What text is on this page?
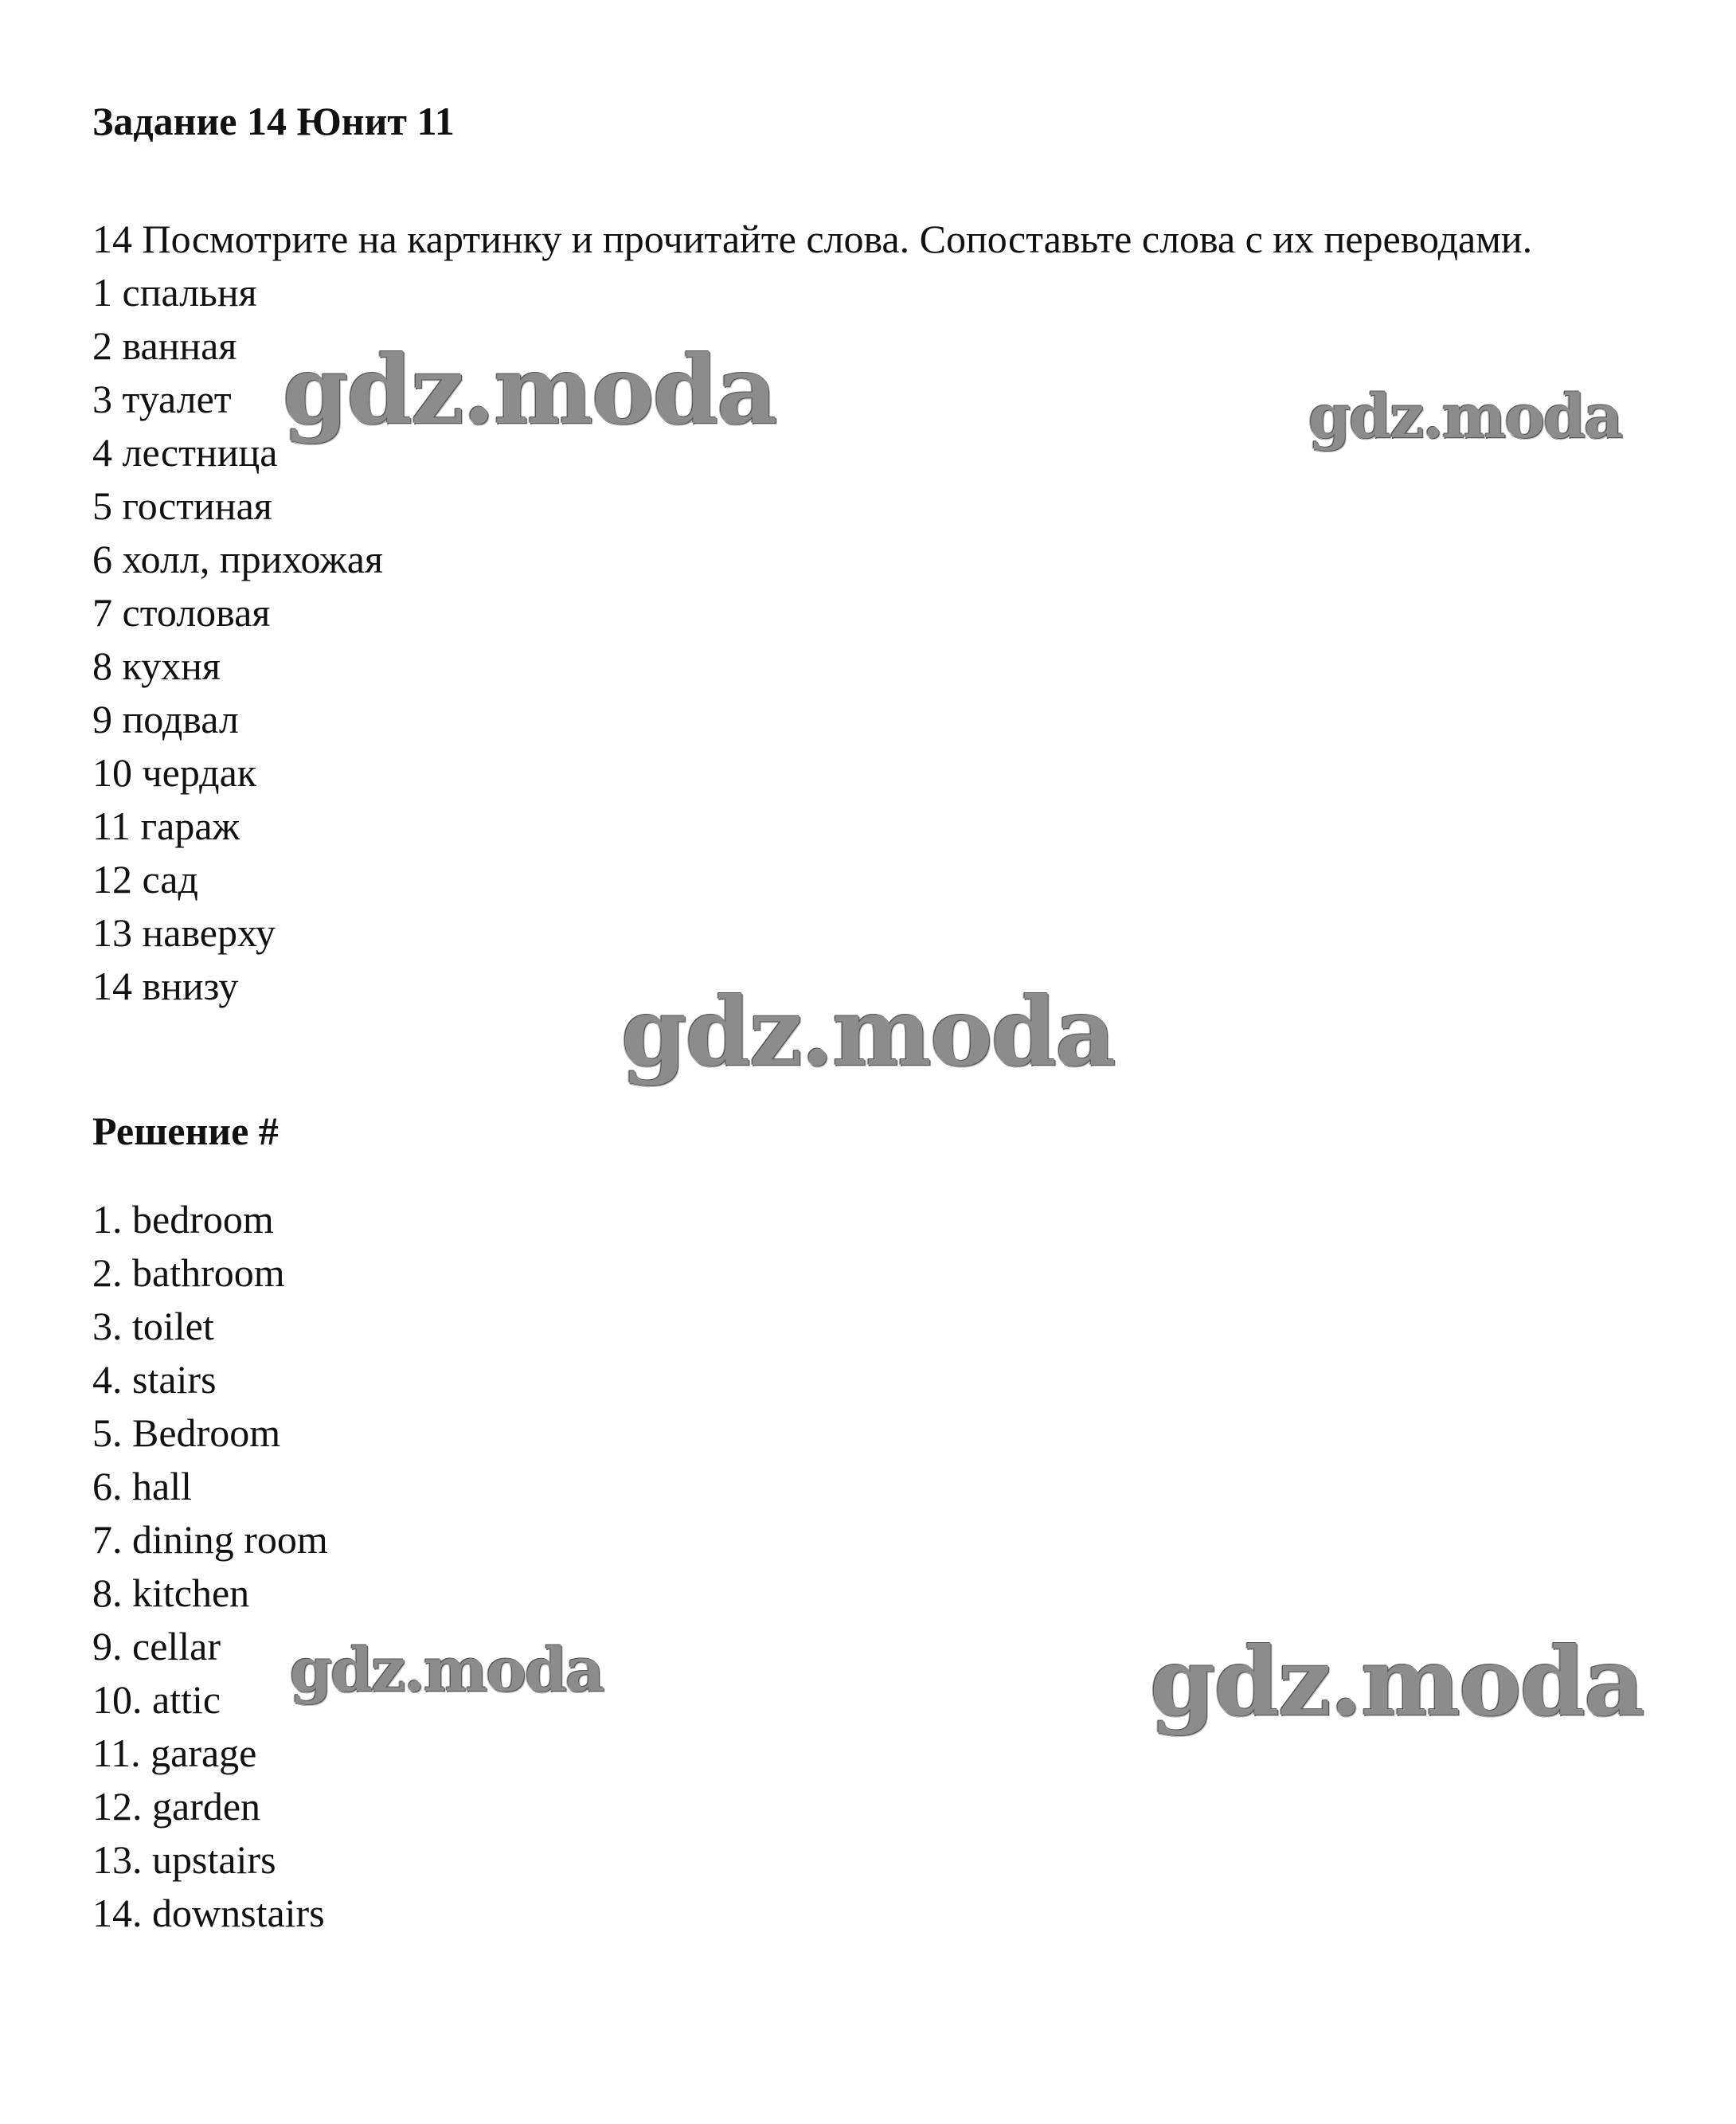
Задание 14 Юнит 11

14 Посмотрите на картинку и прочитайте слова. Сопоставьте слова с их переводами.

1 спальня
2 ванная
3 туалет
4 лестница
5 гостиная
6 холл, прихожая
7 столовая
8 кухня
9 подвал
10 чердак
11 гараж
12 сад
13 наверху
14 внизу
Решение #
1. bedroom
2. bathroom
3. toilet
4. stairs
5. Bedroom
6. hall
7. dining room
8. kitchen
9. cellar
10. attic
11. garage
12. garden
13. upstairs
14. downstairs
gdz.moda	gdz.moda
gdz.moda
gdz.moda	gdz.moda
